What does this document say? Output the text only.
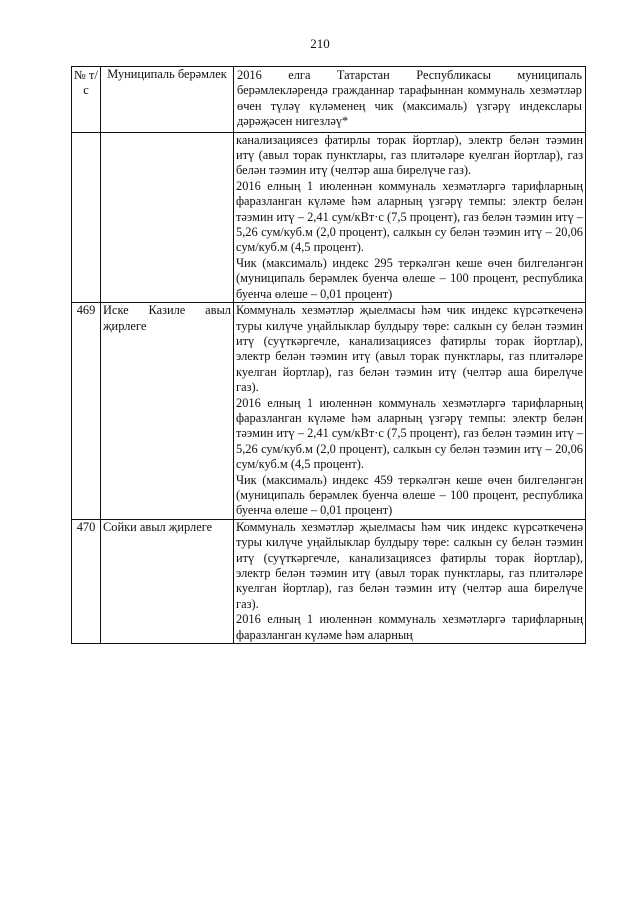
210
№ т/с	Муниципаль берәмлек	2016 елга Татарстан Республикасы муниципаль берәмлекләрендә гражданнар тарафыннан коммуналь хезмәтләр өчен түләү күләменең чик (максималь) үзгәрү индекслары дәрәҗәсен нигезләү*

		канализациясез фатирлы торак йортлар), электр белән тәэмин итү (авыл торак пунктлары, газ плитәләре куелган йортлар), газ белән тәэмин итү (челтәр аша бирелүче газ).

2016 елның 1 июленнән коммуналь хезмәтләргә тарифларның фаразланган күләме һәм аларның үзгәрү темпы: электр белән тәэмин итү – 2,41 сум/кВт·с (7,5 процент), газ белән тәэмин итү – 5,26 сум/куб.м (2,0 процент), салкын су белән тәэмин итү – 20,06 сум/куб.м (4,5 процент).

Чик (максималь) индекс 295 теркәлгән кеше өчен билгеләнгән (муниципаль берәмлек буенча өлеше – 100 процент, республика буенча өлеше – 0,01 процент)

469	Иске Казиле авыл җирлеге	Коммуналь хезмәтләр җыелмасы һәм чик индекс күрсәткеченә туры килүче уңайлыклар булдыру төре: салкын су белән тәэмин итү (суүткәргечле, канализациясез фатирлы торак йортлар), электр белән тәэмин итү (авыл торак пунктлары, газ плитәләре куелган йортлар), газ белән тәэмин итү (челтәр аша бирелүче газ).

2016 елның 1 июленнән коммуналь хезмәтләргә тарифларның фаразланган күләме һәм аларның үзгәрү темпы: электр белән тәэмин итү – 2,41 сум/кВт·с (7,5 процент), газ белән тәэмин итү – 5,26 сум/куб.м (2,0 процент), салкын су белән тәэмин итү – 20,06 сум/куб.м (4,5 процент).

Чик (максималь) индекс 459 теркәлгән кеше өчен билгеләнгән (муниципаль берәмлек буенча өлеше – 100 процент, республика буенча өлеше – 0,01 процент)

470	Сойки авыл җирлеге	Коммуналь хезмәтләр җыелмасы һәм чик индекс күрсәткеченә туры килүче уңайлыклар булдыру төре: салкын су белән тәэмин итү (суүткәргечле, канализациясез фатирлы торак йортлар), электр белән тәэмин итү (авыл торак пунктлары, газ плитәләре куелган йортлар), газ белән тәэмин итү (челтәр аша бирелүче газ).

2016 елның 1 июленнән коммуналь хезмәтләргә тарифларның фаразланган күләме һәм аларның
